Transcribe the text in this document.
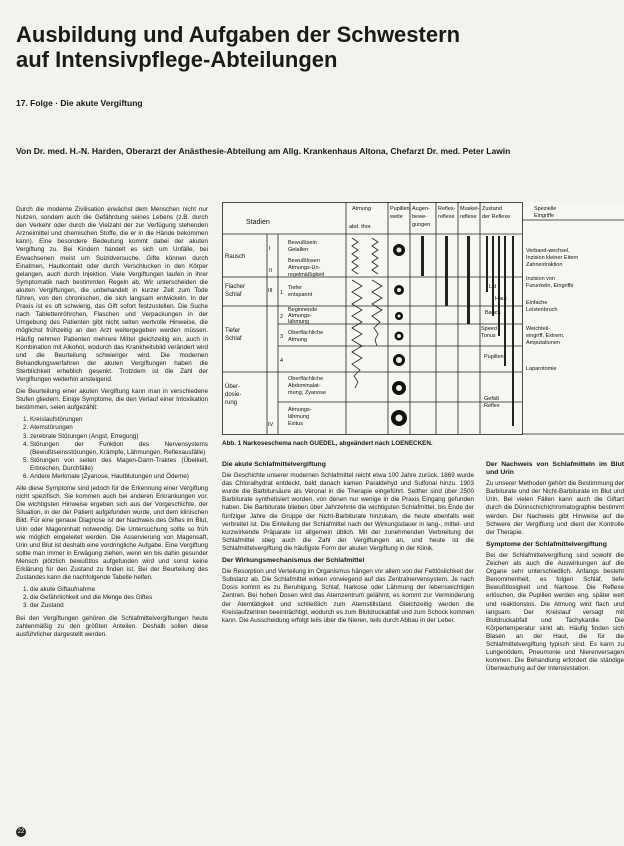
Ausbildung und Aufgaben der Schwestern
auf Intensivpflege-Abteilungen
17. Folge · Die akute Vergiftung
Von Dr. med. H.-N. Harden, Oberarzt der Anästhesie-Abteilung am Allg. Krankenhaus Altona, Chefarzt Dr. med. Peter Lawin

Durch die moderne Zivilisation erwächst dem Menschen nicht nur Nutzen, sondern auch die Gefährdung seines Lebens (z.B. durch den Verkehr oder durch die Vielzahl der zur Verfügung stehenden Arzneimittel und chemischen Stoffe, die er in die Hände bekommen kann). Eine besondere Bedeutung kommt dabei der akuten Vergiftung zu. Bei Kindern handelt es sich um Unfälle, bei Erwachsenen meist um Suizidversuche. Gifte können durch Einatmen, Hautkontakt oder durch Verschlucken in den Körper gelangen, auch durch Injektion. Viele Vergiftungen laufen in ihrer Symptomatik nach bestimmten Regeln ab. Wir unterscheiden die akuten Vergiftungen, die unbehandelt in kurzer Zeit zum Tode führen, von den chronischen, die sich langsam entwickeln. In der Praxis ist es oft schwierig, das Gift sofort festzustellen. Die Suche nach Tablettenröhrchen, Flaschen und Verpackungen in der Umgebung des Patienten gibt nicht selten wertvolle Hinweise, die möglichst frühzeitig an den Arzt weitergegeben werden müssen. Häufig nehmen Patienten mehrere Mittel gleichzeitig ein, auch in Kombination mit Alkohol, wodurch das Krankheitsbild verändert wird und die Beurteilung schwieriger wird. Die modernen Behandlungsverfahren der akuten Vergiftungen haben die Sterblichkeit erheblich gesenkt. Trotzdem ist die Zahl der Vergiftungen weiterhin ansteigend.

Die Beurteilung einer akuten Vergiftung kann man in verschiedene Stufen gliedern. Einige Symptome, die den Verlauf einer Intoxikation bestimmen, seien aufgezählt:

1. Kreislaufstörungen
2. Atemstörungen
3. zerebrale Störungen (Angst, Erregung)
4. Störungen der Funktion des Nervensystems (Bewußtseinsstörungen, Krämpfe, Lähmungen, Reflexausfälle)
5. Störungen von seiten des Magen-Darm-Traktes (Übelkeit, Erbrechen, Durchfälle)
6. Andere Merkmale (Zyanose, Hautblutungen und Ödeme)

Alle diese Symptome sind jedoch für die Erkennung einer Vergiftung nicht spezifisch. Sie kommen auch bei anderen Erkrankungen vor. Die wichtigsten Hinweise ergeben sich aus der Vorgeschichte, der Situation, in der der Patient aufgefunden wurde, und dem klinischen Bild. Für eine genaue Diagnose ist der Nachweis des Giftes im Blut, Urin oder Mageninhalt notwendig. Die Untersuchung sollte so früh wie möglich eingeleitet werden. Die Asservierung von Magensaft, Urin und Blut ist deshalb eine vordringliche Aufgabe. Eine Vergiftung sollte man immer in Erwägung ziehen, wenn ein bis dahin gesunder Mensch plötzlich bewußtlos aufgefunden wird und sonst keine Erklärung für den Zustand zu finden ist. Bei der Beurteilung des Zustandes kann die nachfolgende Tabelle helfen.

1. die akute Giftaufnahme
2. die Gefährlichkeit und die Menge des Giftes
3. der Zustand

Bei den Vergiftungen gehören die Schlafmittelvergiftungen heute zahlenmäßig zu den größten Anteilen. Deshalb sollen diese ausführlicher dargestellt werden.

22
Stadien
Atmung
abd. thor.
Pupillen
weite
Augen-
bewe-
gungen
Reflex-
reflexe
Muskel-
reflexe
Zustand
der Reflexe
Spezielle
Eingriffe
Rausch
Flacher
Schlaf
Tiefer
Schlaf
Über-
dosie-
rung
I
II
III
IV
1
2
3
4
Bewußtsein
Gelallen
Bewußtlosen
Atmungs-Un-
regelmäßigkeit
Tiefer
entspannt
Beginnende
Atmungs-
lähmung
Oberflächliche
Atmung
Oberflächliche
Abdominalat-
mung, Zyanose
Atmungs-
lähmung
Exitus
Lid
Haut
Bauch
Speed
Tonus
Pupillen
Gefäß
Reflex
Verband-wechsel,
Inzision kleiner Eitern
Zahnextraktion
Inzision von
Furunkeln, Eingriffe
Einfache
Leistenbruch
Weichteil-
eingriff, Extrem.
Amputationen
Laparotomie
Abb. 1 Narkoseschema nach GUEDEL, abgeändert nach LOENECKEN.
Die akute Schlafmittelvergiftung

Die Geschichte unserer modernen Schlafmittel reicht etwa 100 Jahre zurück. 1869 wurde das Chloralhydrat entdeckt, bald danach kamen Paraldehyd und Sulfonal hinzu. 1903 wurde die Barbitursäure als Veronal in die Therapie eingeführt. Seither sind über 2500 Barbiturate synthetisiert worden, von denen nur wenige in die Praxis Eingang gefunden haben. Die Barbiturate blieben über Jahrzehnte die wichtigsten Schlafmittel, bis Ende der fünfziger Jahre die Gruppe der Nicht-Barbiturate hinzukam, die heute ebenfalls weit verbreitet ist. Die Einteilung der Schlafmittel nach der Wirkungsdauer in lang-, mittel- und kurzwirkende Präparate ist allgemein üblich. Mit der zunehmenden Verbreitung der Schlafmittel stieg auch die Zahl der Vergiftungen an, und heute ist die Schlafmittelvergiftung die häufigste Form der akuten Vergiftung in der Klinik.

Der Wirkungsmechanismus der Schlafmittel

Die Resorption und Verteilung im Organismus hängen vor allem von der Fettlöslichkeit der Substanz ab. Die Schlafmittel wirken vorwiegend auf das Zentralnervensystem. Je nach Dosis kommt es zu Beruhigung, Schlaf, Narkose oder Lähmung der lebenswichtigen Zentren. Bei hohen Dosen wird das Atemzentrum gelähmt, es kommt zur Verminderung der Atemtätigkeit und schließlich zum Atemstillstand. Gleichzeitig werden die Kreislaufzentren beeinträchtigt, wodurch es zum Blutdruckabfall und zum Schock kommen kann. Die Ausscheidung erfolgt teils über die Nieren, teils durch Abbau in der Leber.

Der Nachweis von Schlafmitteln im Blut und Urin

Zu unserer Methoden gehört die Bestimmung der Barbiturate und der Nicht-Barbiturate im Blut und Urin. Bei vielen Fällen kann auch die Giftart durch die Dünnschichtchromatographie bestimmt werden. Der Nachweis gibt Hinweise auf die Schwere der Vergiftung und dient der Kontrolle der Therapie.

Symptome der Schlafmittelvergiftung

Bei der Schlafmittelvergiftung sind sowohl die Zeichen als auch die Auswirkungen auf die Organe sehr unterschiedlich. Anfangs besteht Benommenheit, es folgen Schlaf, tiefe Bewußtlosigkeit und Narkose. Die Reflexe erlöschen, die Pupillen werden eng, später weit und reaktionslos. Die Atmung wird flach und langsam. Der Kreislauf versagt mit Blutdruckabfall und Tachykardie. Die Körpertemperatur sinkt ab. Häufig finden sich Blasen an der Haut, die für die Schlafmittelvergiftung typisch sind. Es kann zu Lungenödem, Pneumonie und Nierenversagen kommen. Die Behandlung erfordert die ständige Überwachung auf der Intensivstation.
